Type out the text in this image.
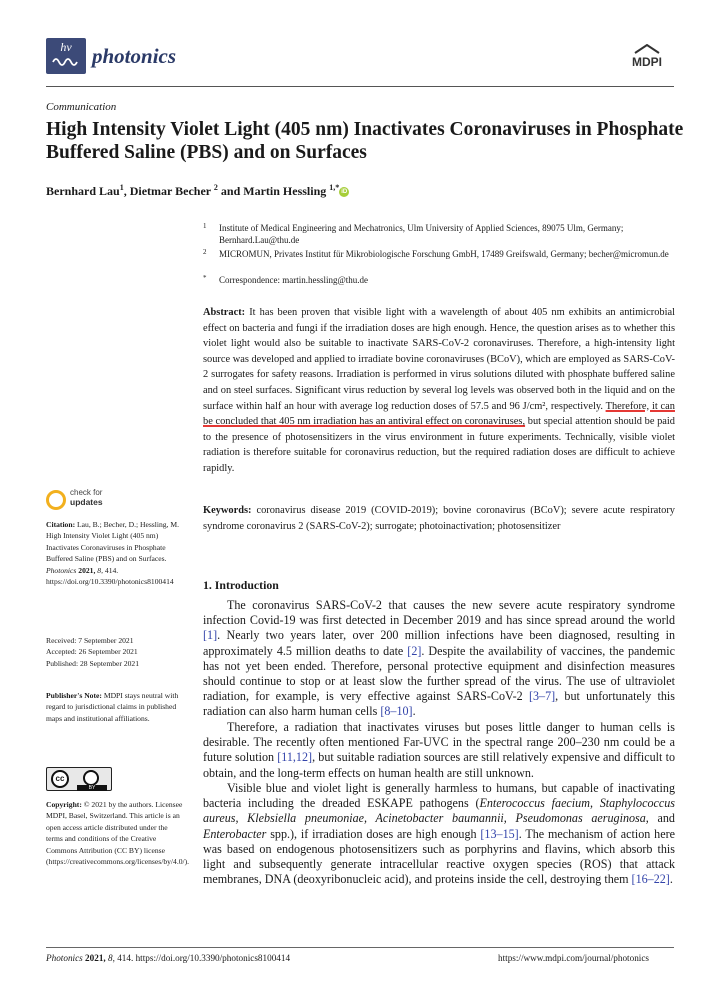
hv photonics	MDPI
Communication
High Intensity Violet Light (405 nm) Inactivates Coronaviruses in Phosphate Buffered Saline (PBS) and on Surfaces
Bernhard Lau$^1$, Dietmar Becher $^2$ and Martin Hessling $^{1,*}$ iD
1 Institute of Medical Engineering and Mechatronics, Ulm University of Applied Sciences, 89075 Ulm, Germany; Bernhard.Lau@thu.de
2 MICROMUN, Privates Institut für Mikrobiologische Forschung GmbH, 17489 Greifswald, Germany; becher@micromun.de
* Correspondence: martin.hessling@thu.de
Abstract: It has been proven that visible light with a wavelength of about 405 nm exhibits an antimicrobial effect on bacteria and fungi if the irradiation doses are high enough. Hence, the question arises as to whether this violet light would also be suitable to inactivate SARS-CoV-2 coronaviruses. Therefore, a high-intensity light source was developed and applied to irradiate bovine coronaviruses (BCoV), which are employed as SARS-CoV-2 surrogates for safety reasons. Irradiation is performed in virus solutions diluted with phosphate buffered saline and on steel surfaces. Significant virus reduction by several log levels was observed both in the liquid and on the surface within half an hour with average log reduction doses of 57.5 and 96 J/cm², respectively. Therefore, it can be concluded that 405 nm irradiation has an antiviral effect on coronaviruses, but special attention should be paid to the presence of photosensitizers in the virus environment in future experiments. Technically, visible violet radiation is therefore suitable for coronavirus reduction, but the required radiation doses are difficult to achieve rapidly.
Keywords: coronavirus disease 2019 (COVID-2019); bovine coronavirus (BCoV); severe acute respiratory syndrome coronavirus 2 (SARS-CoV-2); surrogate; photoinactivation; photosensitizer
check for
updates
Citation: Lau, B.; Becher, D.; Hessling, M. High Intensity Violet Light (405 nm) Inactivates Coronaviruses in Phosphate Buffered Saline (PBS) and on Surfaces. Photonics 2021, 8, 414. https://doi.org/10.3390/photonics8100414
Received: 7 September 2021
Accepted: 26 September 2021
Published: 28 September 2021
Publisher's Note: MDPI stays neutral with regard to jurisdictional claims in published maps and institutional affiliations.
cc
BY
Copyright: © 2021 by the authors. Licensee MDPI, Basel, Switzerland. This article is an open access article distributed under the terms and conditions of the Creative Commons Attribution (CC BY) license (https://creativecommons.org/licenses/by/4.0/).
1. Introduction
The coronavirus SARS-CoV-2 that causes the new severe acute respiratory syndrome infection Covid-19 was first detected in December 2019 and has since spread around the world [1]. Nearly two years later, over 200 million infections have been diagnosed, resulting in approximately 4.5 million deaths to date [2]. Despite the availability of vaccines, the pandemic has not yet been ended. Therefore, personal protective equipment and disinfection measures should continue to stop or at least slow the further spread of the virus. The use of ultraviolet radiation, for example, is very effective against SARS-CoV-2 [3–7], but unfortunately this radiation can also harm human cells [8–10].
Therefore, a radiation that inactivates viruses but poses little danger to human cells is desirable. The recently often mentioned Far-UVC in the spectral range 200–230 nm could be a future solution [11,12], but suitable radiation sources are still relatively expensive and difficult to obtain, and the long-term effects on human health are still unknown.
Visible blue and violet light is generally harmless to humans, but capable of inactivating bacteria including the dreaded ESKAPE pathogens (Enterococcus faecium, Staphylococcus aureus, Klebsiella pneumoniae, Acinetobacter baumannii, Pseudomonas aeruginosa, and Enterobacter spp.), if irradiation doses are high enough [13–15]. The mechanism of action here was based on endogenous photosensitizers such as porphyrins and flavins, which absorb this light and subsequently generate intracellular reactive oxygen species (ROS) that attack membranes, DNA (deoxyribonucleic acid), and proteins inside the cell, destroying them [16–22].
Photonics 2021, 8, 414. https://doi.org/10.3390/photonics8100414	https://www.mdpi.com/journal/photonics
